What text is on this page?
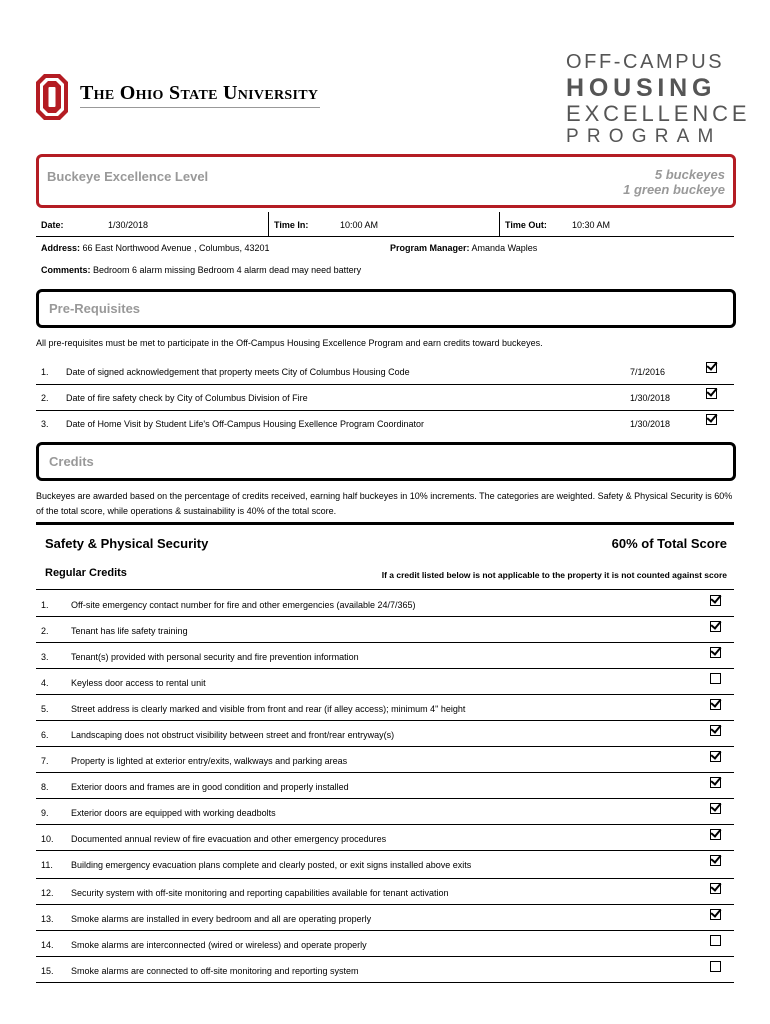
The Ohio State University
OFF-CAMPUS
HOUSING
EXCELLENCE
PROGRAM
Buckeye Excellence Level	5 buckeyes
1 green buckeye
Date:	1/30/2018	Time In:	10:00 AM	Time Out:	10:30 AM
Address: 66 East Northwood Avenue , Columbus, 43201	Program Manager: Amanda Waples
Comments: Bedroom 6 alarm missing Bedroom 4 alarm dead may need battery
Pre-Requisites
All pre-requisites must be met to participate in the Off-Campus Housing Excellence Program and earn credits toward buckeyes.
1. Date of signed acknowledgement that property meets City of Columbus Housing Code	7/1/2016
2. Date of fire safety check by City of Columbus Division of Fire	1/30/2018
3. Date of Home Visit by Student Life's Off-Campus Housing Exellence Program Coordinator	1/30/2018
Credits
Buckeyes are awarded based on the percentage of credits received, earning half buckeyes in 10% increments. The categories are weighted. Safety & Physical Security is 60% of the total score, while operations & sustainability is 40% of the total score.
Safety & Physical Security	60% of Total Score
Regular Credits	If a credit listed below is not applicable to the property it is not counted against score
1. Off-site emergency contact number for fire and other emergencies (available 24/7/365)
2. Tenant has life safety training
3. Tenant(s) provided with personal security and fire prevention information
4. Keyless door access to rental unit
5. Street address is clearly marked and visible from front and rear (if alley access); minimum 4" height
6. Landscaping does not obstruct visibility between street and front/rear entryway(s)
7. Property is lighted at exterior entry/exits, walkways and parking areas
8. Exterior doors and frames are in good condition and properly installed
9. Exterior doors are equipped with working deadbolts
10. Documented annual review of fire evacuation and other emergency procedures
11. Building emergency evacuation plans complete and clearly posted, or exit signs installed above exits
12. Security system with off-site monitoring and reporting capabilities available for tenant activation
13. Smoke alarms are installed in every bedroom and all are operating properly
14. Smoke alarms are interconnected (wired or wireless) and operate properly
15. Smoke alarms are connected to off-site monitoring and reporting system
